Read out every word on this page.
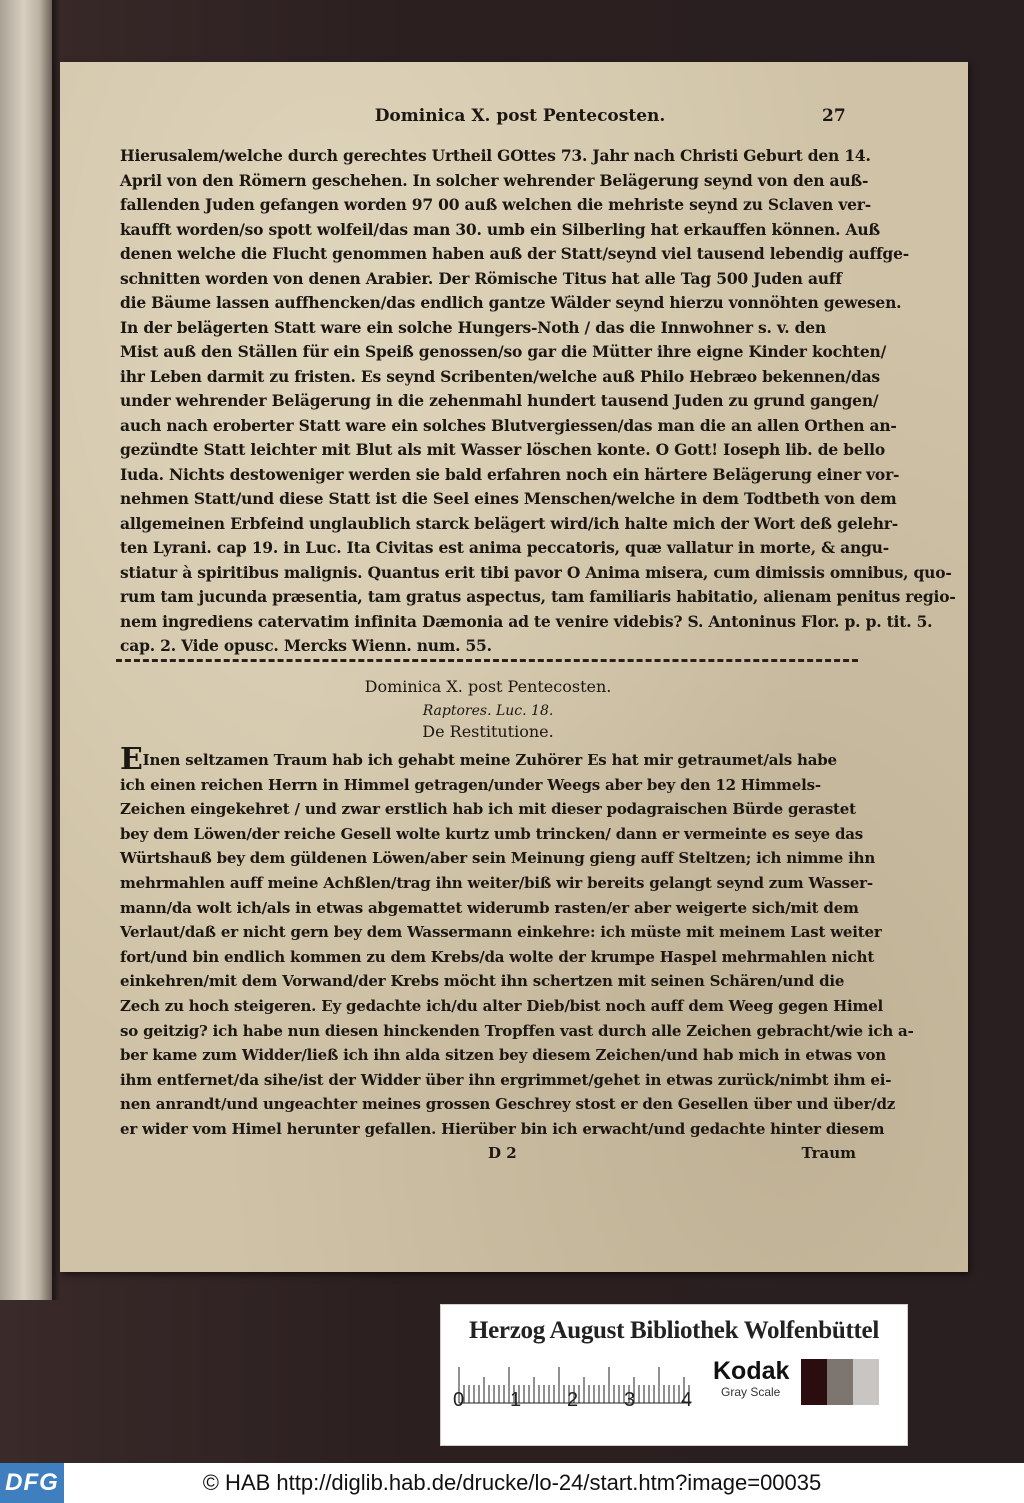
Dominica X. post Pentecosten.	27
Hierusalem/welche durch gerechtes Urtheil GOttes 73. Jahr nach Christi Geburt den 14.
April von den Römern geschehen. In solcher wehrender Belägerung seynd von den auß-
fallenden Juden gefangen worden 97 00 auß welchen die mehriste seynd zu Sclaven ver-
kaufft worden/so spott wolfeil/das man 30. umb ein Silberling hat erkauffen können. Auß
denen welche die Flucht genommen haben auß der Statt/seynd viel tausend lebendig auffge-
schnitten worden von denen Arabier. Der Römische Titus hat alle Tag 500 Juden auff
die Bäume lassen auffhencken/das endlich gantze Wälder seynd hierzu vonnöhten gewesen.
In der belägerten Statt ware ein solche Hungers-Noth / das die Innwohner s. v. den
Mist auß den Ställen für ein Speiß genossen/so gar die Mütter ihre eigne Kinder kochten/
ihr Leben darmit zu fristen. Es seynd Scribenten/welche auß Philo Hebræo bekennen/das
under wehrender Belägerung in die zehenmahl hundert tausend Juden zu grund gangen/
auch nach eroberter Statt ware ein solches Blutvergiessen/das man die an allen Orthen an-
gezündte Statt leichter mit Blut als mit Wasser löschen konte. O Gott! Ioseph lib. de bello
Iuda. Nichts destoweniger werden sie bald erfahren noch ein härtere Belägerung einer vor-
nehmen Statt/und diese Statt ist die Seel eines Menschen/welche in dem Todtbeth von dem
allgemeinen Erbfeind unglaublich starck belägert wird/ich halte mich der Wort deß gelehr-
ten Lyrani. cap 19. in Luc. Ita Civitas est anima peccatoris, quæ vallatur in morte, & angu-
stiatur à spiritibus malignis. Quantus erit tibi pavor O Anima misera, cum dimissis omnibus, quo-
rum tam jucunda præsentia, tam gratus aspectus, tam familiaris habitatio, alienam penitus regio-
nem ingrediens catervatim infinita Dæmonia ad te venire videbis? S. Antoninus Flor. p. p. tit. 5.
cap. 2. Vide opusc. Mercks Wienn. num. 55.
Dominica X. post Pentecosten.
Raptores. Luc. 18.
De Restitutione.
EInen seltzamen Traum hab ich gehabt meine Zuhörer Es hat mir getraumet/als habe
ich einen reichen Herrn in Himmel getragen/under Weegs aber bey den 12 Himmels-
Zeichen eingekehret / und zwar erstlich hab ich mit dieser podagraischen Bürde gerastet
bey dem Löwen/der reiche Gesell wolte kurtz umb trincken/ dann er vermeinte es seye das
Würtshauß bey dem güldenen Löwen/aber sein Meinung gieng auff Steltzen; ich nimme ihn
mehrmahlen auff meine Achßlen/trag ihn weiter/biß wir bereits gelangt seynd zum Wasser-
mann/da wolt ich/als in etwas abgemattet widerumb rasten/er aber weigerte sich/mit dem
Verlaut/daß er nicht gern bey dem Wassermann einkehre: ich müste mit meinem Last weiter
fort/und bin endlich kommen zu dem Krebs/da wolte der krumpe Haspel mehrmahlen nicht
einkehren/mit dem Vorwand/der Krebs möcht ihn schertzen mit seinen Schären/und die
Zech zu hoch steigeren. Ey gedachte ich/du alter Dieb/bist noch auff dem Weeg gegen Himel
so geitzig? ich habe nun diesen hinckenden Tropffen vast durch alle Zeichen gebracht/wie ich a-
ber kame zum Widder/ließ ich ihn alda sitzen bey diesem Zeichen/und hab mich in etwas von
ihm entfernet/da sihe/ist der Widder über ihn ergrimmet/gehet in etwas zurück/nimbt ihm ei-
nen anrandt/und ungeachter meines grossen Geschrey stost er den Gesellen über und über/dz
er wider vom Himel herunter gefallen. Hierüber bin ich erwacht/und gedachte hinter diesem
D 2	Traum
Herzog August Bibliothek Wolfenbüttel
0 1 2 3 4
Kodak
Gray Scale
© HAB http://diglib.hab.de/drucke/lo-24/start.htm?image=00035
DFG
